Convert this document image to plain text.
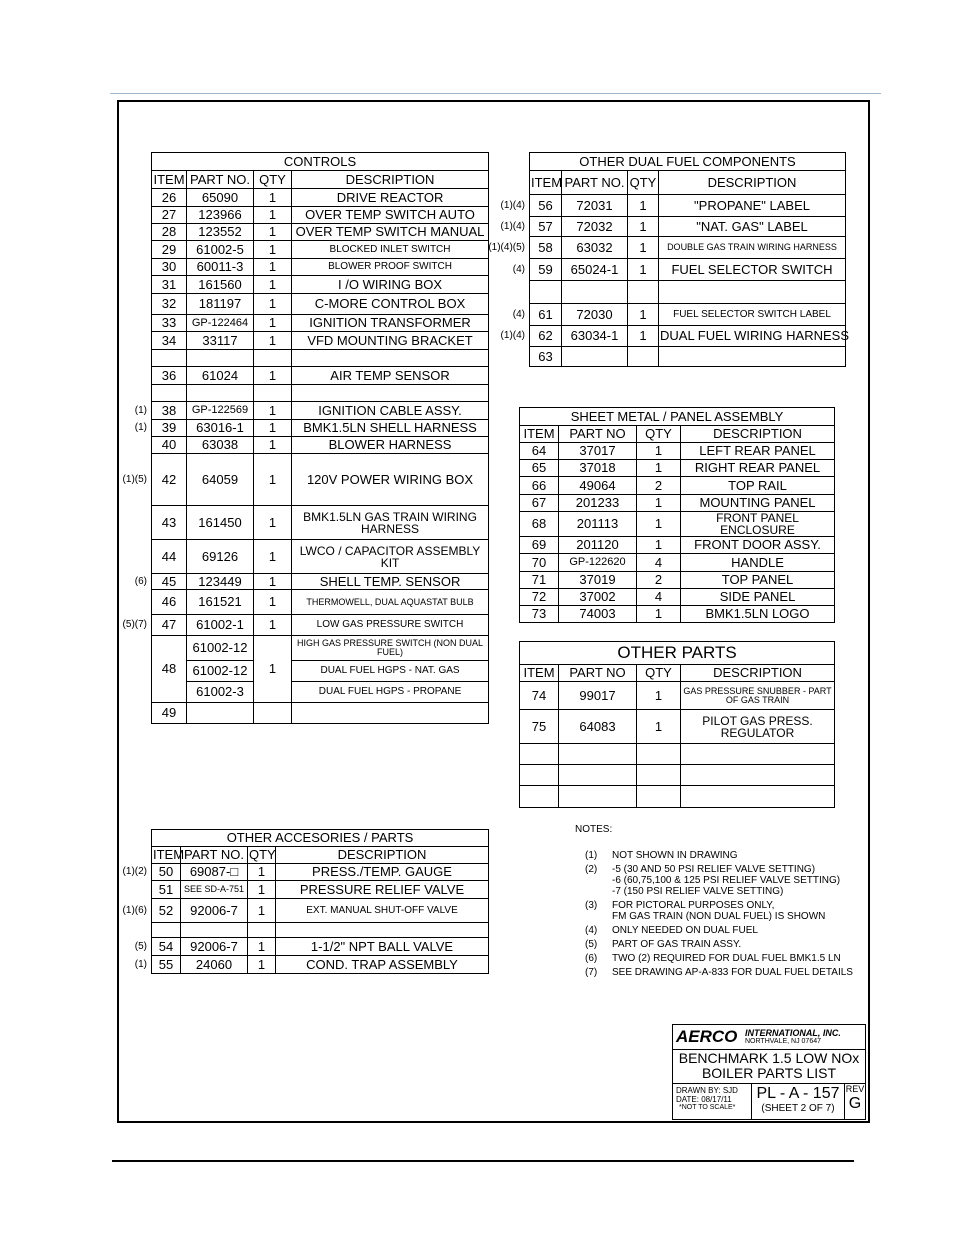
CONTROLS			
ITEM	PART NO.	QTY	DESCRIPTION
26	65090	1	DRIVE REACTOR
27	123966	1	OVER TEMP SWITCH AUTO
28	123552	1	OVER TEMP SWITCH MANUAL
29	61002-5	1	BLOCKED INLET SWITCH
30	60011-3	1	BLOWER PROOF SWITCH
31	161560	1	I /O WIRING BOX
32	181197	1	C-MORE CONTROL BOX
33	GP-122464	1	IGNITION TRANSFORMER
34	33117	1	VFD MOUNTING BRACKET

36	61024	1	AIR TEMP SENSOR

38	GP-122569	1	IGNITION CABLE ASSY.
39	63016-1	1	BMK1.5LN SHELL HARNESS
40	63038	1	BLOWER HARNESS
42	64059	1	120V POWER WIRING BOX
43	161450	1	BMK1.5LN GAS TRAIN WIRING HARNESS
44	69126	1	LWCO / CAPACITOR ASSEMBLY KIT
45	123449	1	SHELL TEMP. SENSOR
46	161521	1	THERMOWELL, DUAL AQUASTAT BULB
47	61002-1	1	LOW GAS PRESSURE SWITCH
48	61002-12	1	HIGH GAS PRESSURE SWITCH (NON DUAL FUEL)
	61002-12		DUAL FUEL HGPS - NAT. GAS
	61002-3		DUAL FUEL HGPS - PROPANE
49			
OTHER DUAL FUEL COMPONENTS			
ITEM	PART NO.	QTY	DESCRIPTION
56	72031	1	"PROPANE" LABEL
57	72032	1	"NAT. GAS" LABEL
58	63032	1	DOUBLE GAS TRAIN WIRING HARNESS
59	65024-1	1	FUEL SELECTOR SWITCH

61	72030	1	FUEL SELECTOR SWITCH LABEL
62	63034-1	1	DUAL FUEL WIRING HARNESS
63			
SHEET METAL / PANEL ASSEMBLY			
ITEM	PART NO	QTY	DESCRIPTION
64	37017	1	LEFT REAR PANEL
65	37018	1	RIGHT REAR PANEL
66	49064	2	TOP RAIL
67	201233	1	MOUNTING PANEL
68	201113	1	FRONT PANEL ENCLOSURE
69	201120	1	FRONT DOOR ASSY.
70	GP-122620	4	HANDLE
71	37019	2	TOP PANEL
72	37002	4	SIDE PANEL
73	74003	1	BMK1.5LN LOGO
OTHER PARTS			
ITEM	PART NO	QTY	DESCRIPTION
74	99017	1	GAS PRESSURE SNUBBER - PART OF GAS TRAIN
75	64083	1	PILOT GAS PRESS. REGULATOR

OTHER ACCESORIES / PARTS			
ITEM	PART NO.	QTY	DESCRIPTION
50	69087-□	1	PRESS./TEMP. GAUGE
51	SEE SD-A-751	1	PRESSURE RELIEF VALVE
52	92006-7	1	EXT. MANUAL SHUT-OFF VALVE

54	92006-7	1	1-1/2" NPT BALL VALVE
55	24060	1	COND. TRAP ASSEMBLY
(1)
(1)
(1)(5)
(6)
(5)(7)
(1)(4)
(1)(4)
(1)(4)(5)
(4)
(4)
(1)(4)
(1)(2)
(1)(6)
(5)
(1)
NOTES:
(1) NOT SHOWN IN DRAWING
(2) -5 (30 AND 50 PSI RELIEF VALVE SETTING)
-6 (60,75,100 & 125 PSI RELIEF VALVE SETTING)
-7 (150 PSI RELIEF VALVE SETTING)
(3) FOR PICTORAL PURPOSES ONLY,
FM GAS TRAIN (NON DUAL FUEL) IS SHOWN
(4) ONLY NEEDED ON DUAL FUEL
(5) PART OF GAS TRAIN ASSY.
(6) TWO (2) REQUIRED FOR DUAL FUEL BMK1.5 LN
(7) SEE DRAWING AP-A-833 FOR DUAL FUEL DETAILS
AERCO INTERNATIONAL, INC.
NORTHVALE, NJ 07647
BENCHMARK 1.5 LOW NOx
BOILER PARTS LIST
DRAWN BY: SJD
DATE: 08/17/11
*NOT TO SCALE*
PL - A - 157
(SHEET 2 OF 7)
REV
G
